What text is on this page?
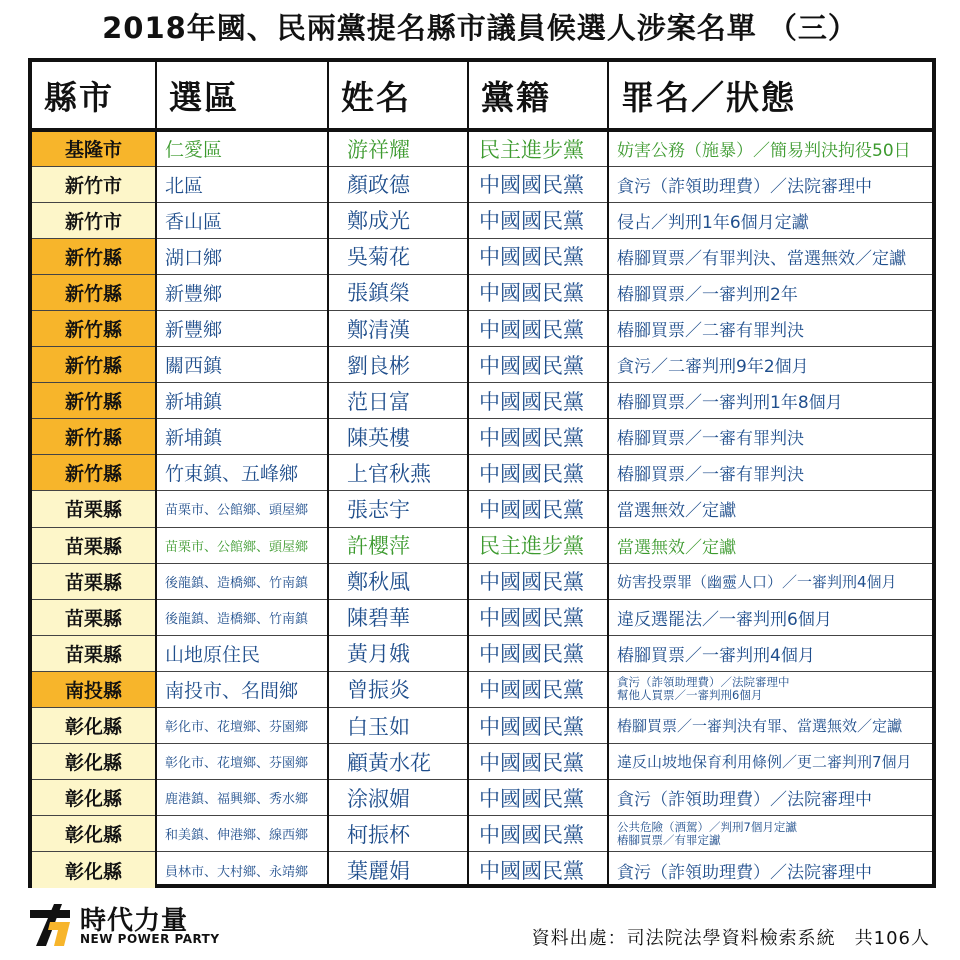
2018年國、民兩黨提名縣市議員候選人涉案名單 （三）
縣市	選區	姓名	黨籍	罪名／狀態
基隆市	仁愛區	游祥耀	民主進步黨	妨害公務（施暴）／簡易判決拘役50日

新竹市	北區	顏政德	中國國民黨	貪污（詐領助理費）／法院審理中

新竹市	香山區	鄭成光	中國國民黨	侵占／判刑1年6個月定讞

新竹縣	湖口鄉	吳菊花	中國國民黨	樁腳買票／有罪判決、當選無效／定讞

新竹縣	新豐鄉	張鎮榮	中國國民黨	樁腳買票／一審判刑2年

新竹縣	新豐鄉	鄭清漢	中國國民黨	樁腳買票／二審有罪判決

新竹縣	關西鎮	劉良彬	中國國民黨	貪污／二審判刑9年2個月

新竹縣	新埔鎮	范日富	中國國民黨	樁腳買票／一審判刑1年8個月

新竹縣	新埔鎮	陳英樓	中國國民黨	樁腳買票／一審有罪判決

新竹縣	竹東鎮、五峰鄉	上官秋燕	中國國民黨	樁腳買票／一審有罪判決

苗栗縣	苗栗市、公館鄉、頭屋鄉	張志宇	中國國民黨	當選無效／定讞

苗栗縣	苗栗市、公館鄉、頭屋鄉	許櫻萍	民主進步黨	當選無效／定讞

苗栗縣	後龍鎮、造橋鄉、竹南鎮	鄭秋風	中國國民黨	妨害投票罪（幽靈人口）／一審判刑4個月

苗栗縣	後龍鎮、造橋鄉、竹南鎮	陳碧華	中國國民黨	違反選罷法／一審判刑6個月

苗栗縣	山地原住民	黃月娥	中國國民黨	樁腳買票／一審判刑4個月

南投縣	南投市、名間鄉	曾振炎	中國國民黨	貪污（詐領助理費）／法院審理中
幫他人買票／一審判刑6個月

彰化縣	彰化市、花壇鄉、芬園鄉	白玉如	中國國民黨	樁腳買票／一審判決有罪、當選無效／定讞

彰化縣	彰化市、花壇鄉、芬園鄉	顧黃水花	中國國民黨	違反山坡地保育利用條例／更二審判刑7個月

彰化縣	鹿港鎮、福興鄉、秀水鄉	涂淑媚	中國國民黨	貪污（詐領助理費）／法院審理中

彰化縣	和美鎮、伸港鄉、線西鄉	柯振杯	中國國民黨	公共危險（酒駕）／判刑7個月定讞
樁腳買票／有罪定讞

彰化縣	員林市、大村鄉、永靖鄉	葉麗娟	中國國民黨	貪污（詐領助理費）／法院審理中
時代力量
NEW POWER PARTY	資料出處：司法院法學資料檢索系統　共106人
